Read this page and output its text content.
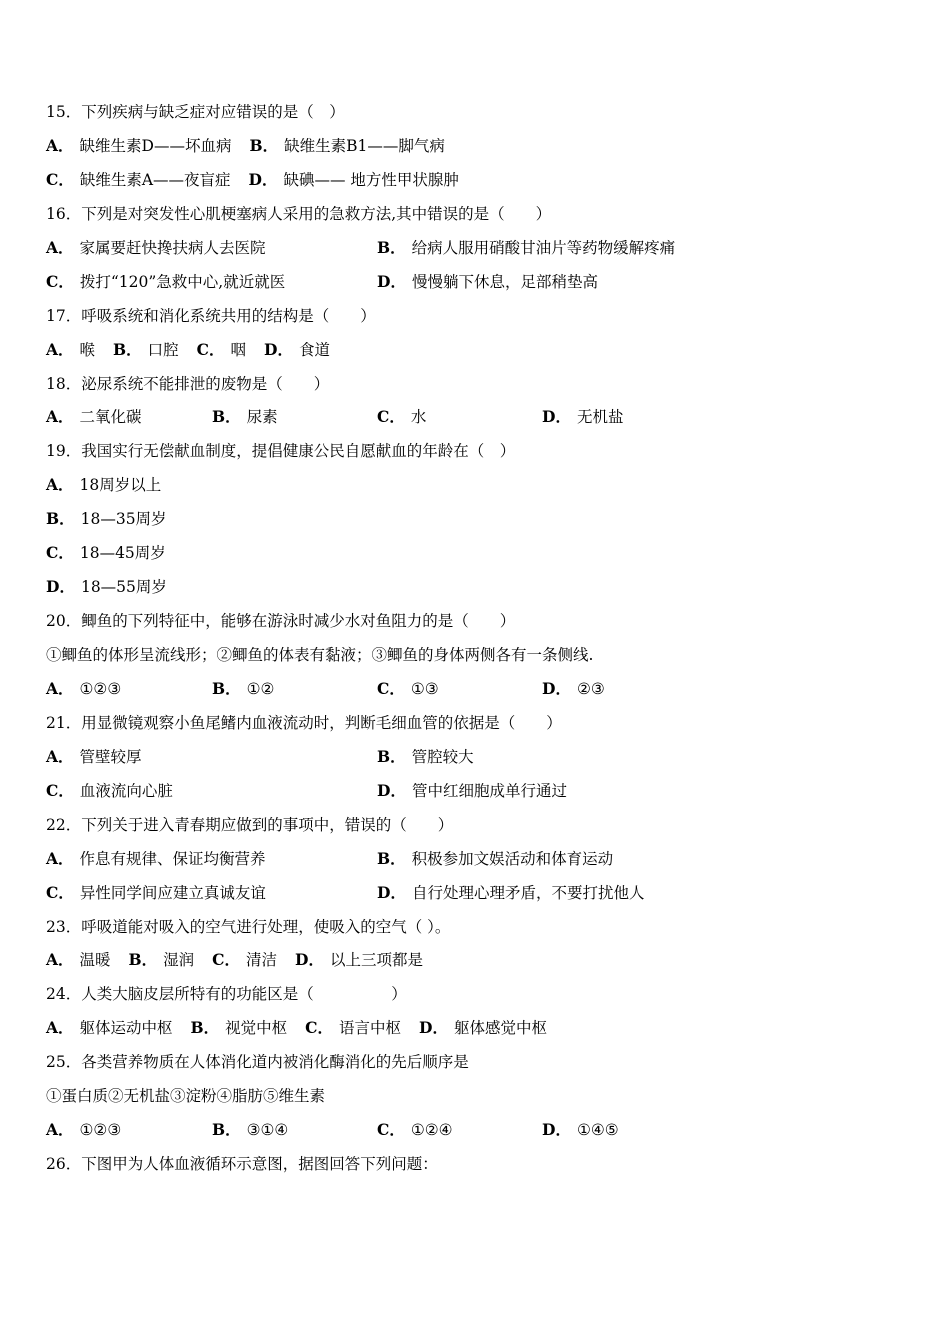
15．下列疾病与缺乏症对应错误的是（　）
A． 缺维生素D——坏血病 B． 缺维生素B1——脚气病
C． 缺维生素A——夜盲症 D． 缺碘—— 地方性甲状腺肿
16．下列是对突发性心肌梗塞病人采用的急救方法,其中错误的是（　　）
A． 家属要赶快搀扶病人去医院	B． 给病人服用硝酸甘油片等药物缓解疼痛
C． 拨打“120”急救中心,就近就医	D． 慢慢躺下休息，足部稍垫高
17．呼吸系统和消化系统共用的结构是（　　）
A． 喉 B． 口腔 C． 咽 D． 食道
18．泌尿系统不能排泄的废物是（　　）
A． 二氧化碳	B． 尿素	C． 水	D． 无机盐
19．我国实行无偿献血制度，提倡健康公民自愿献血的年龄在（　）
A． 18周岁以上
B． 18—35周岁
C． 18—45周岁
D． 18—55周岁
20．鲫鱼的下列特征中，能够在游泳时减少水对鱼阻力的是（　　）
①鲫鱼的体形呈流线形；②鲫鱼的体表有黏液；③鲫鱼的身体两侧各有一条侧线.
A． ①②③	B． ①②	C． ①③	D． ②③
21．用显微镜观察小鱼尾鳍内血液流动时，判断毛细血管的依据是（　　）
A． 管壁较厚	B． 管腔较大
C． 血液流向心脏	D． 管中红细胞成单行通过
22．下列关于进入青春期应做到的事项中，错误的（　　）
A． 作息有规律、保证均衡营养	B． 积极参加文娱活动和体育运动
C． 异性同学间应建立真诚友谊	D． 自行处理心理矛盾，不要打扰他人
23．呼吸道能对吸入的空气进行处理，使吸入的空气（ ）。
A． 温暖 B． 湿润 C． 清洁 D． 以上三项都是
24．人类大脑皮层所特有的功能区是（　　　　　）
A． 躯体运动中枢 B． 视觉中枢 C． 语言中枢 D． 躯体感觉中枢
25．各类营养物质在人体消化道内被消化酶消化的先后顺序是
①蛋白质②无机盐③淀粉④脂肪⑤维生素
A． ①②③	B． ③①④	C． ①②④	D． ①④⑤
26．下图甲为人体血液循环示意图，据图回答下列问题：
